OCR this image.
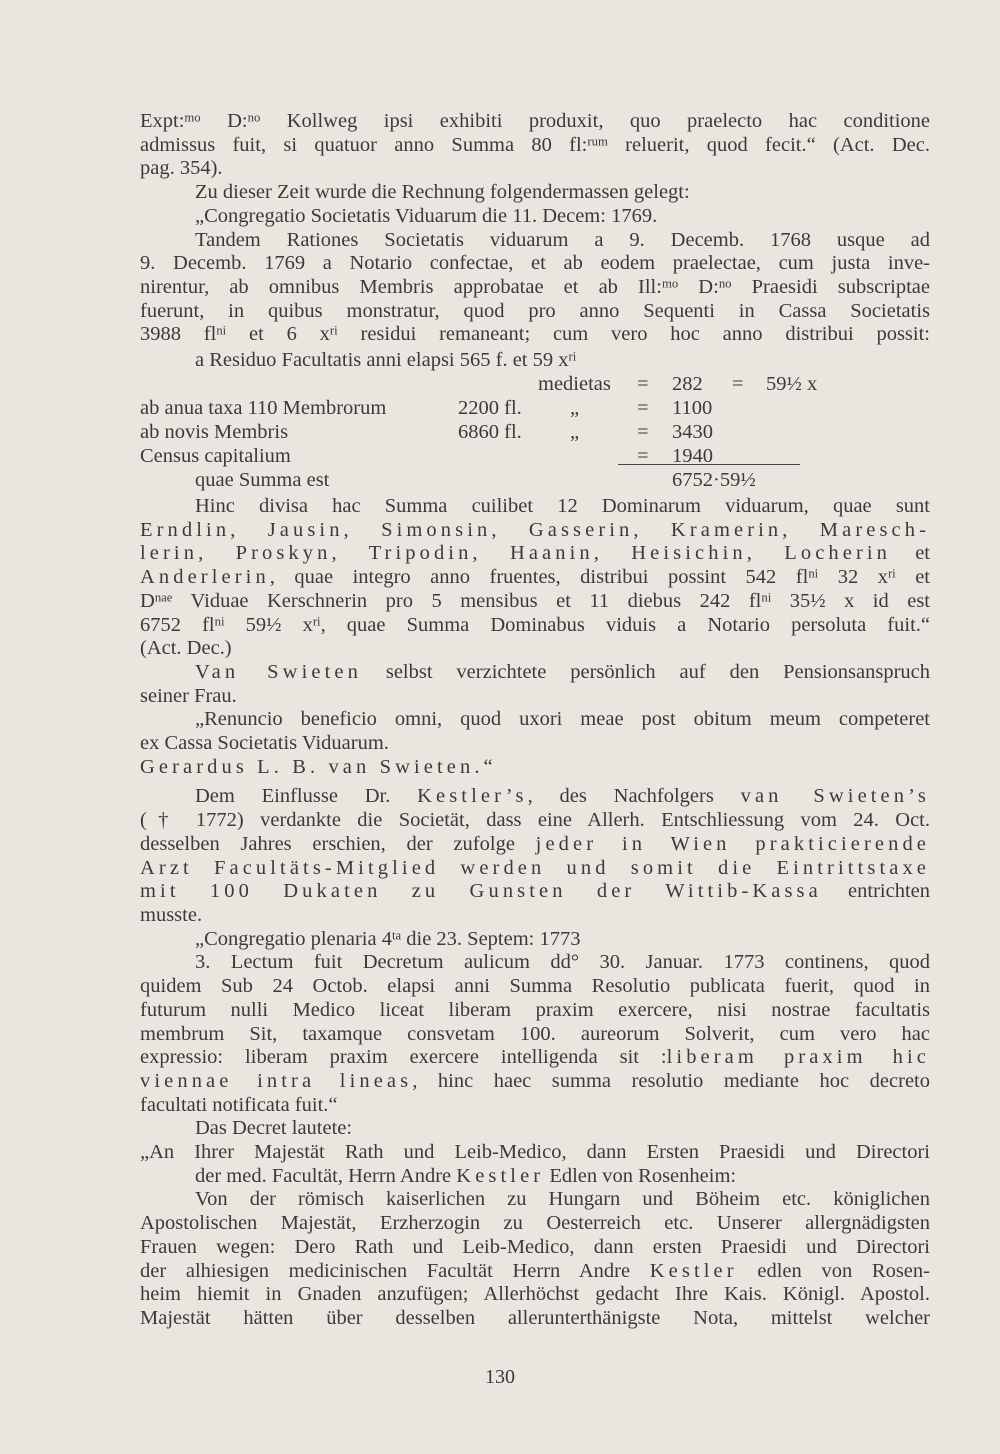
Expt:$^{mo}$ D:$^{no}$ Kollweg ipsi exhibiti produxit, quo praelecto hac conditione

admissus fuit, si quatuor anno Summa 80 fl:$^{rum}$ reluerit, quod fecit.“ (Act. Dec.

pag. 354).

Zu dieser Zeit wurde die Rechnung folgendermassen gelegt:

„Congregatio Societatis Viduarum die 11. Decem: 1769.

Tandem Rationes Societatis viduarum a 9. Decemb. 1768 usque ad

9. Decemb. 1769 a Notario confectae, et ab eodem praelectae, cum justa inve-

nirentur, ab omnibus Membris approbatae et ab Ill:$^{mo}$ D:$^{no}$ Praesidi subscriptae

fuerunt, in quibus monstratur, quod pro anno Sequenti in Cassa Societatis

3988 $fl^{ni}$ et 6 $x^{ri}$ residui remaneant; cum vero hoc anno distribui possit:

a Residuo Facultatis anni elapsi 565 f. et 59 $x^{ri}$
medietas = 282 = 59½ x
ab anua taxa 110 Membrorum	2200 fl. „	= 1100
ab novis Membris	6860 fl. „	= 3430
Census capitalium	= 1940
quae Summa est	6752·59½

Hinc divisa hac Summa cuilibet 12 Dominarum viduarum, quae sunt

Erndlin, Jausin, Simonsin, Gasserin, Kramerin, Maresch-

lerin, Proskyn, Tripodin, Haanin, Heisichin, Locherin et

Anderlerin, quae integro anno fruentes, distribui possint 542 $fl^{ni}$ 32 $x^{ri}$ et

$D^{nae}$ Viduae Kerschnerin pro 5 mensibus et 11 diebus 242 $fl^{ni}$ 35½ x id est

6752 $fl^{ni}$ 59½ $x^{ri}$, quae Summa Dominabus viduis a Notario persoluta fuit.“

(Act. Dec.)

Van Swieten selbst verzichtete persönlich auf den Pensionsanspruch

seiner Frau.

„Renuncio beneficio omni, quod uxori meae post obitum meum competeret

ex Cassa Societatis Viduarum.

Gerardus L. B. van Swieten.“

Dem Einflusse Dr. Kestler’s, des Nachfolgers van Swieten’s

(† 1772) verdankte die Societät, dass eine Allerh. Entschliessung vom 24. Oct.

desselben Jahres erschien, der zufolge jeder in Wien prakticierende

Arzt Facultäts-Mitglied werden und somit die Eintrittstaxe

mit 100 Dukaten zu Gunsten der Wittib-Kassa entrichten

musste.

„Congregatio plenaria $4^{ta}$ die 23. Septem: 1773

3. Lectum fuit Decretum aulicum dd° 30. Januar. 1773 continens, quod

quidem Sub 24 Octob. elapsi anni Summa Resolutio publicata fuerit, quod in

futurum nulli Medico liceat liberam praxim exercere, nisi nostrae facultatis

membrum Sit, taxamque consvetam 100. aureorum Solverit, cum vero hac

expressio: liberam praxim exercere intelligenda sit :liberam praxim hic

viennae intra lineas, hinc haec summa resolutio mediante hoc decreto

facultati notificata fuit.“

Das Decret lautete:

„An Ihrer Majestät Rath und Leib-Medico, dann Ersten Praesidi und Directori

der med. Facultät, Herrn Andre Kestler Edlen von Rosenheim:

Von der römisch kaiserlichen zu Hungarn und Böheim etc. königlichen

Apostolischen Majestät, Erzherzogin zu Oesterreich etc. Unserer allergnädigsten

Frauen wegen: Dero Rath und Leib-Medico, dann ersten Praesidi und Directori

der alhiesigen medicinischen Facultät Herrn Andre Kestler edlen von Rosen-

heim hiemit in Gnaden anzufügen; Allerhöchst gedacht Ihre Kais. Königl. Apostol.

Majestät hätten über desselben allerunterthänigste Nota, mittelst welcher

130
